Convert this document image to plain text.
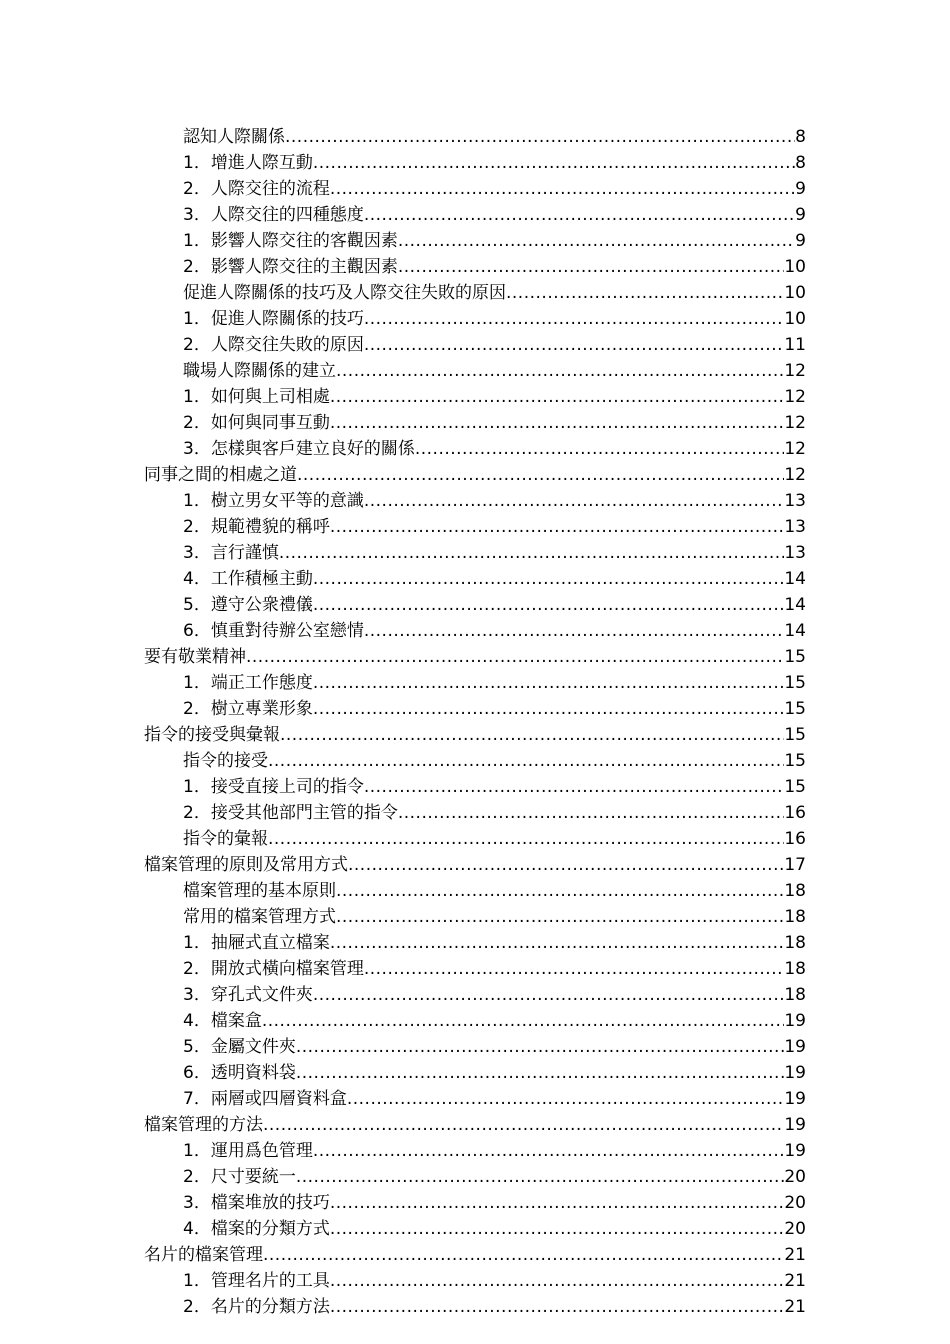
認知人際關係 .....	8
1．增進人際互動 .....	8
2．人際交往的流程 .....	9
3．人際交往的四種態度 .....	9
1．影響人際交往的客觀因素 .....	9
2．影響人際交往的主觀因素 .....	10
促進人際關係的技巧及人際交往失敗的原因 .....	10
1．促進人際關係的技巧 .....	10
2．人際交往失敗的原因 .....	11
職場人際關係的建立 .....	12
1．如何與上司相處 .....	12
2．如何與同事互動 .....	12
3．怎樣與客戶建立良好的關係 .....	12
同事之間的相處之道 .....	12
1．樹立男女平等的意識 .....	13
2．規範禮貌的稱呼 .....	13
3．言行謹慎 .....	13
4．工作積極主動 .....	14
5．遵守公衆禮儀 .....	14
6．慎重對待辦公室戀情 .....	14
要有敬業精神 .....	15
1．端正工作態度 .....	15
2．樹立專業形象 .....	15
指令的接受與彙報 .....	15
指令的接受 .....	15
1．接受直接上司的指令 .....	15
2．接受其他部門主管的指令 .....	16
指令的彙報 .....	16
檔案管理的原則及常用方式 .....	17
檔案管理的基本原則 .....	18
常用的檔案管理方式 .....	18
1．抽屜式直立檔案 .....	18
2．開放式橫向檔案管理 .....	18
3．穿孔式文件夾 .....	18
4．檔案盒 .....	19
5．金屬文件夾 .....	19
6．透明資料袋 .....	19
7．兩層或四層資料盒 .....	19
檔案管理的方法 .....	19
1．運用爲色管理 .....	19
2．尺寸要統一 .....	20
3．檔案堆放的技巧 .....	20
4．檔案的分類方式 .....	20
名片的檔案管理 .....	21
1．管理名片的工具 .....	21
2．名片的分類方法 .....	21
